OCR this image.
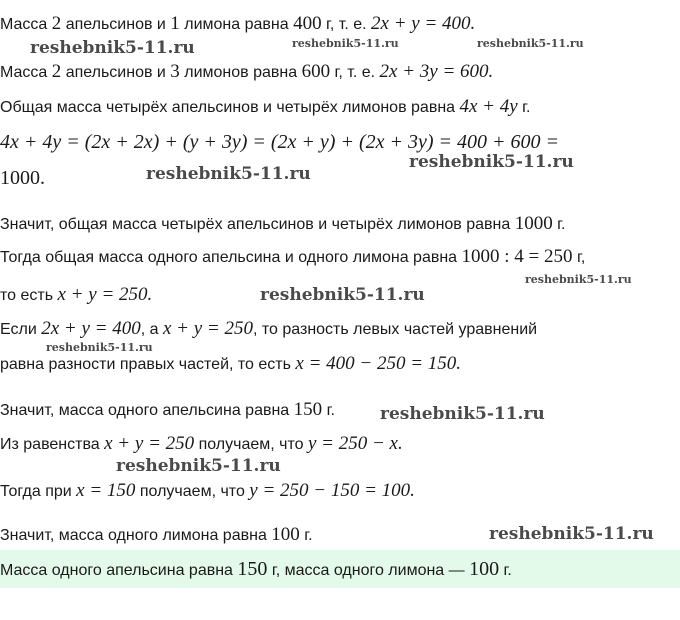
Масса 2 апельсинов и 1 лимона равна 400 г, т. е. 2x + y = 400.
Масса 2 апельсинов и 3 лимонов равна 600 г, т. е. 2x + 3y = 600.
Общая масса четырёх апельсинов и четырёх лимонов равна 4x + 4y г.
4x + 4y = (2x + 2x) + (y + 3y) = (2x + y) + (2x + 3y) = 400 + 600 =
1000.
Значит, общая масса четырёх апельсинов и четырёх лимонов равна 1000 г.
Тогда общая масса одного апельсина и одного лимона равна 1000 : 4 = 250 г,
то есть x + y = 250.
Если 2x + y = 400, а x + y = 250, то разность левых частей уравнений
равна разности правых частей, то есть x = 400 − 250 = 150.
Значит, масса одного апельсина равна 150 г.
Из равенства x + y = 250 получаем, что y = 250 − x.
Тогда при x = 150 получаем, что y = 250 − 150 = 100.
Значит, масса одного лимона равна 100 г.
Масса одного апельсина равна 150 г, масса одного лимона — 100 г.
reshebnik5-11.ru	reshebnik5-11.ru	reshebnik5-11.ru
reshebnik5-11.ru
reshebnik5-11.ru
reshebnik5-11.ru
reshebnik5-11.ru
reshebnik5-11.ru
reshebnik5-11.ru
reshebnik5-11.ru
reshebnik5-11.ru
